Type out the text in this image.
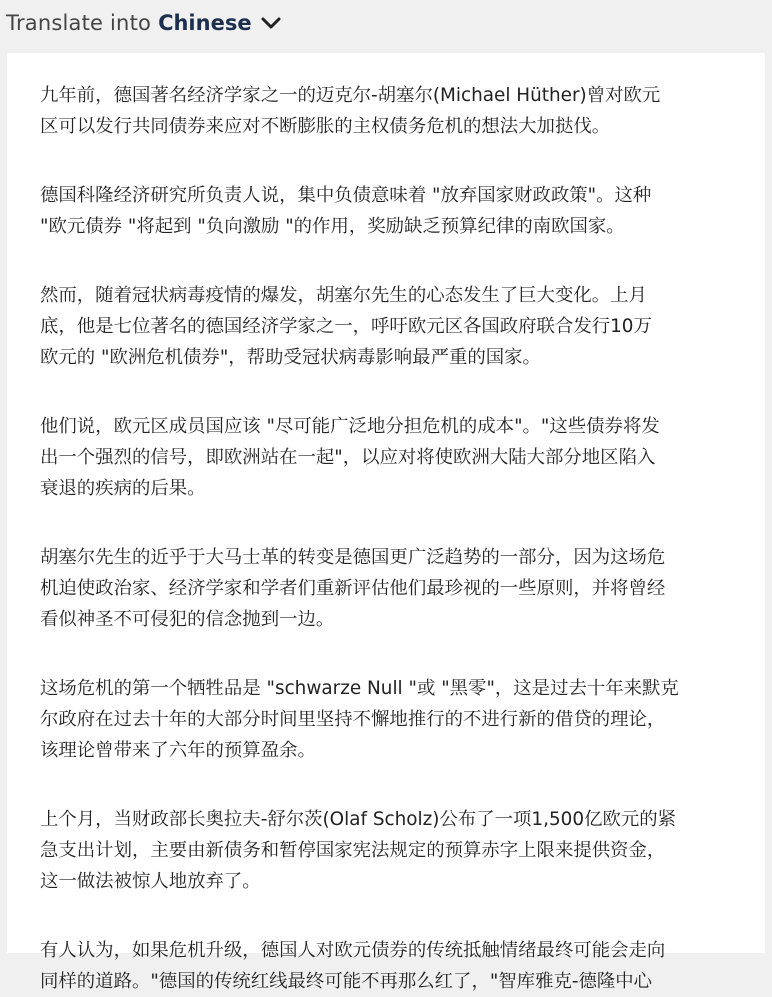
Translate into Chinese

九年前，德国著名经济学家之一的迈克尔-胡塞尔(Michael Hüther)曾对欧元
区可以发行共同债券来应对不断膨胀的主权债务危机的想法大加挞伐。

德国科隆经济研究所负责人说，集中负债意味着 "放弃国家财政政策"。这种
"欧元债券 "将起到 "负向激励 "的作用，奖励缺乏预算纪律的南欧国家。

然而，随着冠状病毒疫情的爆发，胡塞尔先生的心态发生了巨大变化。上月
底，他是七位著名的德国经济学家之一，呼吁欧元区各国政府联合发行10万
欧元的 "欧洲危机债券"，帮助受冠状病毒影响最严重的国家。

他们说，欧元区成员国应该 "尽可能广泛地分担危机的成本"。"这些债券将发
出一个强烈的信号，即欧洲站在一起"，以应对将使欧洲大陆大部分地区陷入
衰退的疾病的后果。

胡塞尔先生的近乎于大马士革的转变是德国更广泛趋势的一部分，因为这场危
机迫使政治家、经济学家和学者们重新评估他们最珍视的一些原则，并将曾经
看似神圣不可侵犯的信念抛到一边。

这场危机的第一个牺牲品是 "schwarze Null "或 "黑零"，这是过去十年来默克
尔政府在过去十年的大部分时间里坚持不懈地推行的不进行新的借贷的理论，
该理论曾带来了六年的预算盈余。

上个月，当财政部长奥拉夫-舒尔茨(Olaf Scholz)公布了一项1,500亿欧元的紧
急支出计划，主要由新债务和暂停国家宪法规定的预算赤字上限来提供资金，
这一做法被惊人地放弃了。

有人认为，如果危机升级，德国人对欧元债券的传统抵触情绪最终可能会走向
同样的道路。"德国的传统红线最终可能不再那么红了，"智库雅克-德隆中心
